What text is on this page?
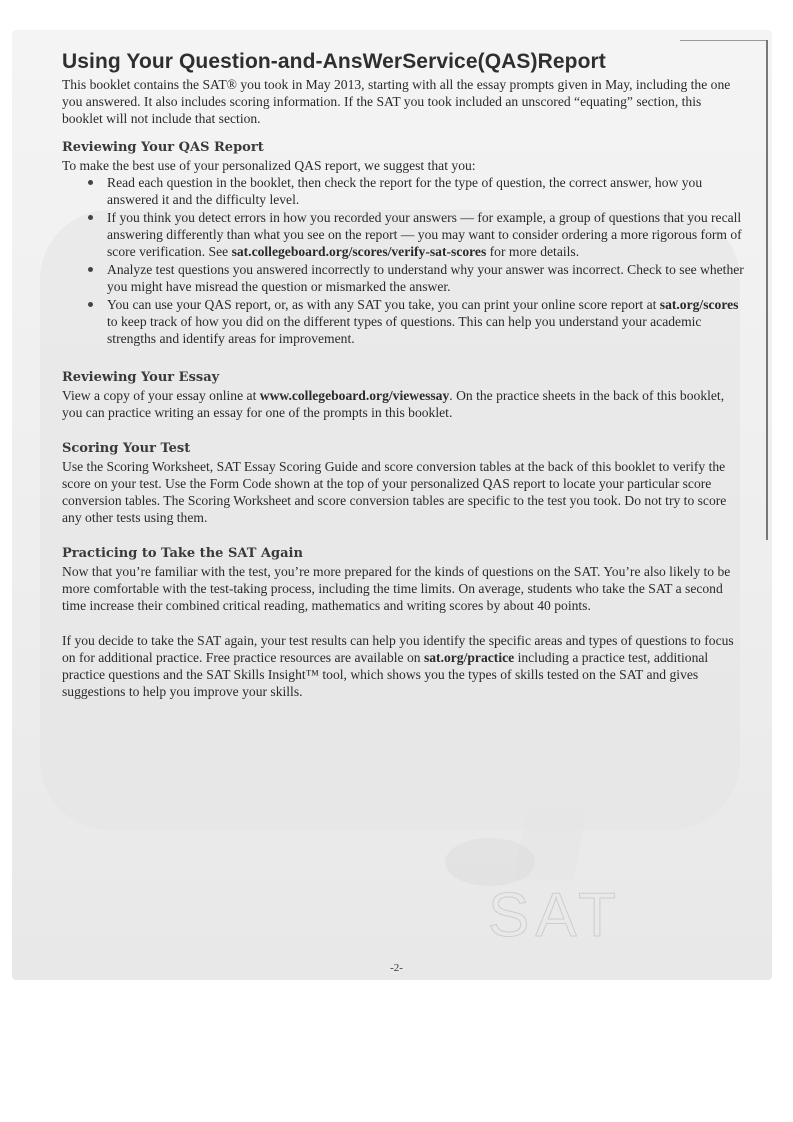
SAT
Using Your Question-and-AnsWerService(QAS)Report

This booklet contains the SAT® you took in May 2013, starting with all the essay prompts given in May, including the one you answered. It also includes scoring information. If the SAT you took included an unscored “equating” section, this booklet will not include that section.

Reviewing Your QAS Report

To make the best use of your personalized QAS report, we suggest that you:

Read each question in the booklet, then check the report for the type of question, the correct answer, how you answered it and the difficulty level.
If you think you detect errors in how you recorded your answers — for example, a group of questions that you recall answering differently than what you see on the report — you may want to consider ordering a more rigorous form of score verification. See sat.collegeboard.org/scores/verify-sat-scores for more details.
Analyze test questions you answered incorrectly to understand why your answer was incorrect. Check to see whether you might have misread the question or mismarked the answer.
You can use your QAS report, or, as with any SAT you take, you can print your online score report at sat.org/scores to keep track of how you did on the different types of questions. This can help you understand your academic strengths and identify areas for improvement.
Reviewing Your Essay

View a copy of your essay online at www.collegeboard.org/viewessay. On the practice sheets in the back of this booklet, you can practice writing an essay for one of the prompts in this booklet.

Scoring Your Test

Use the Scoring Worksheet, SAT Essay Scoring Guide and score conversion tables at the back of this booklet to verify the score on your test. Use the Form Code shown at the top of your personalized QAS report to locate your particular score conversion tables. The Scoring Worksheet and score conversion tables are specific to the test you took. Do not try to score any other tests using them.

Practicing to Take the SAT Again

Now that you’re familiar with the test, you’re more prepared for the kinds of questions on the SAT. You’re also likely to be more comfortable with the test-taking process, including the time limits. On average, students who take the SAT a second time increase their combined critical reading, mathematics and writing scores by about 40 points.

If you decide to take the SAT again, your test results can help you identify the specific areas and types of questions to focus on for additional practice. Free practice resources are available on sat.org/practice including a practice test, additional practice questions and the SAT Skills Insight™ tool, which shows you the types of skills tested on the SAT and gives suggestions to help you improve your skills.

-2-
